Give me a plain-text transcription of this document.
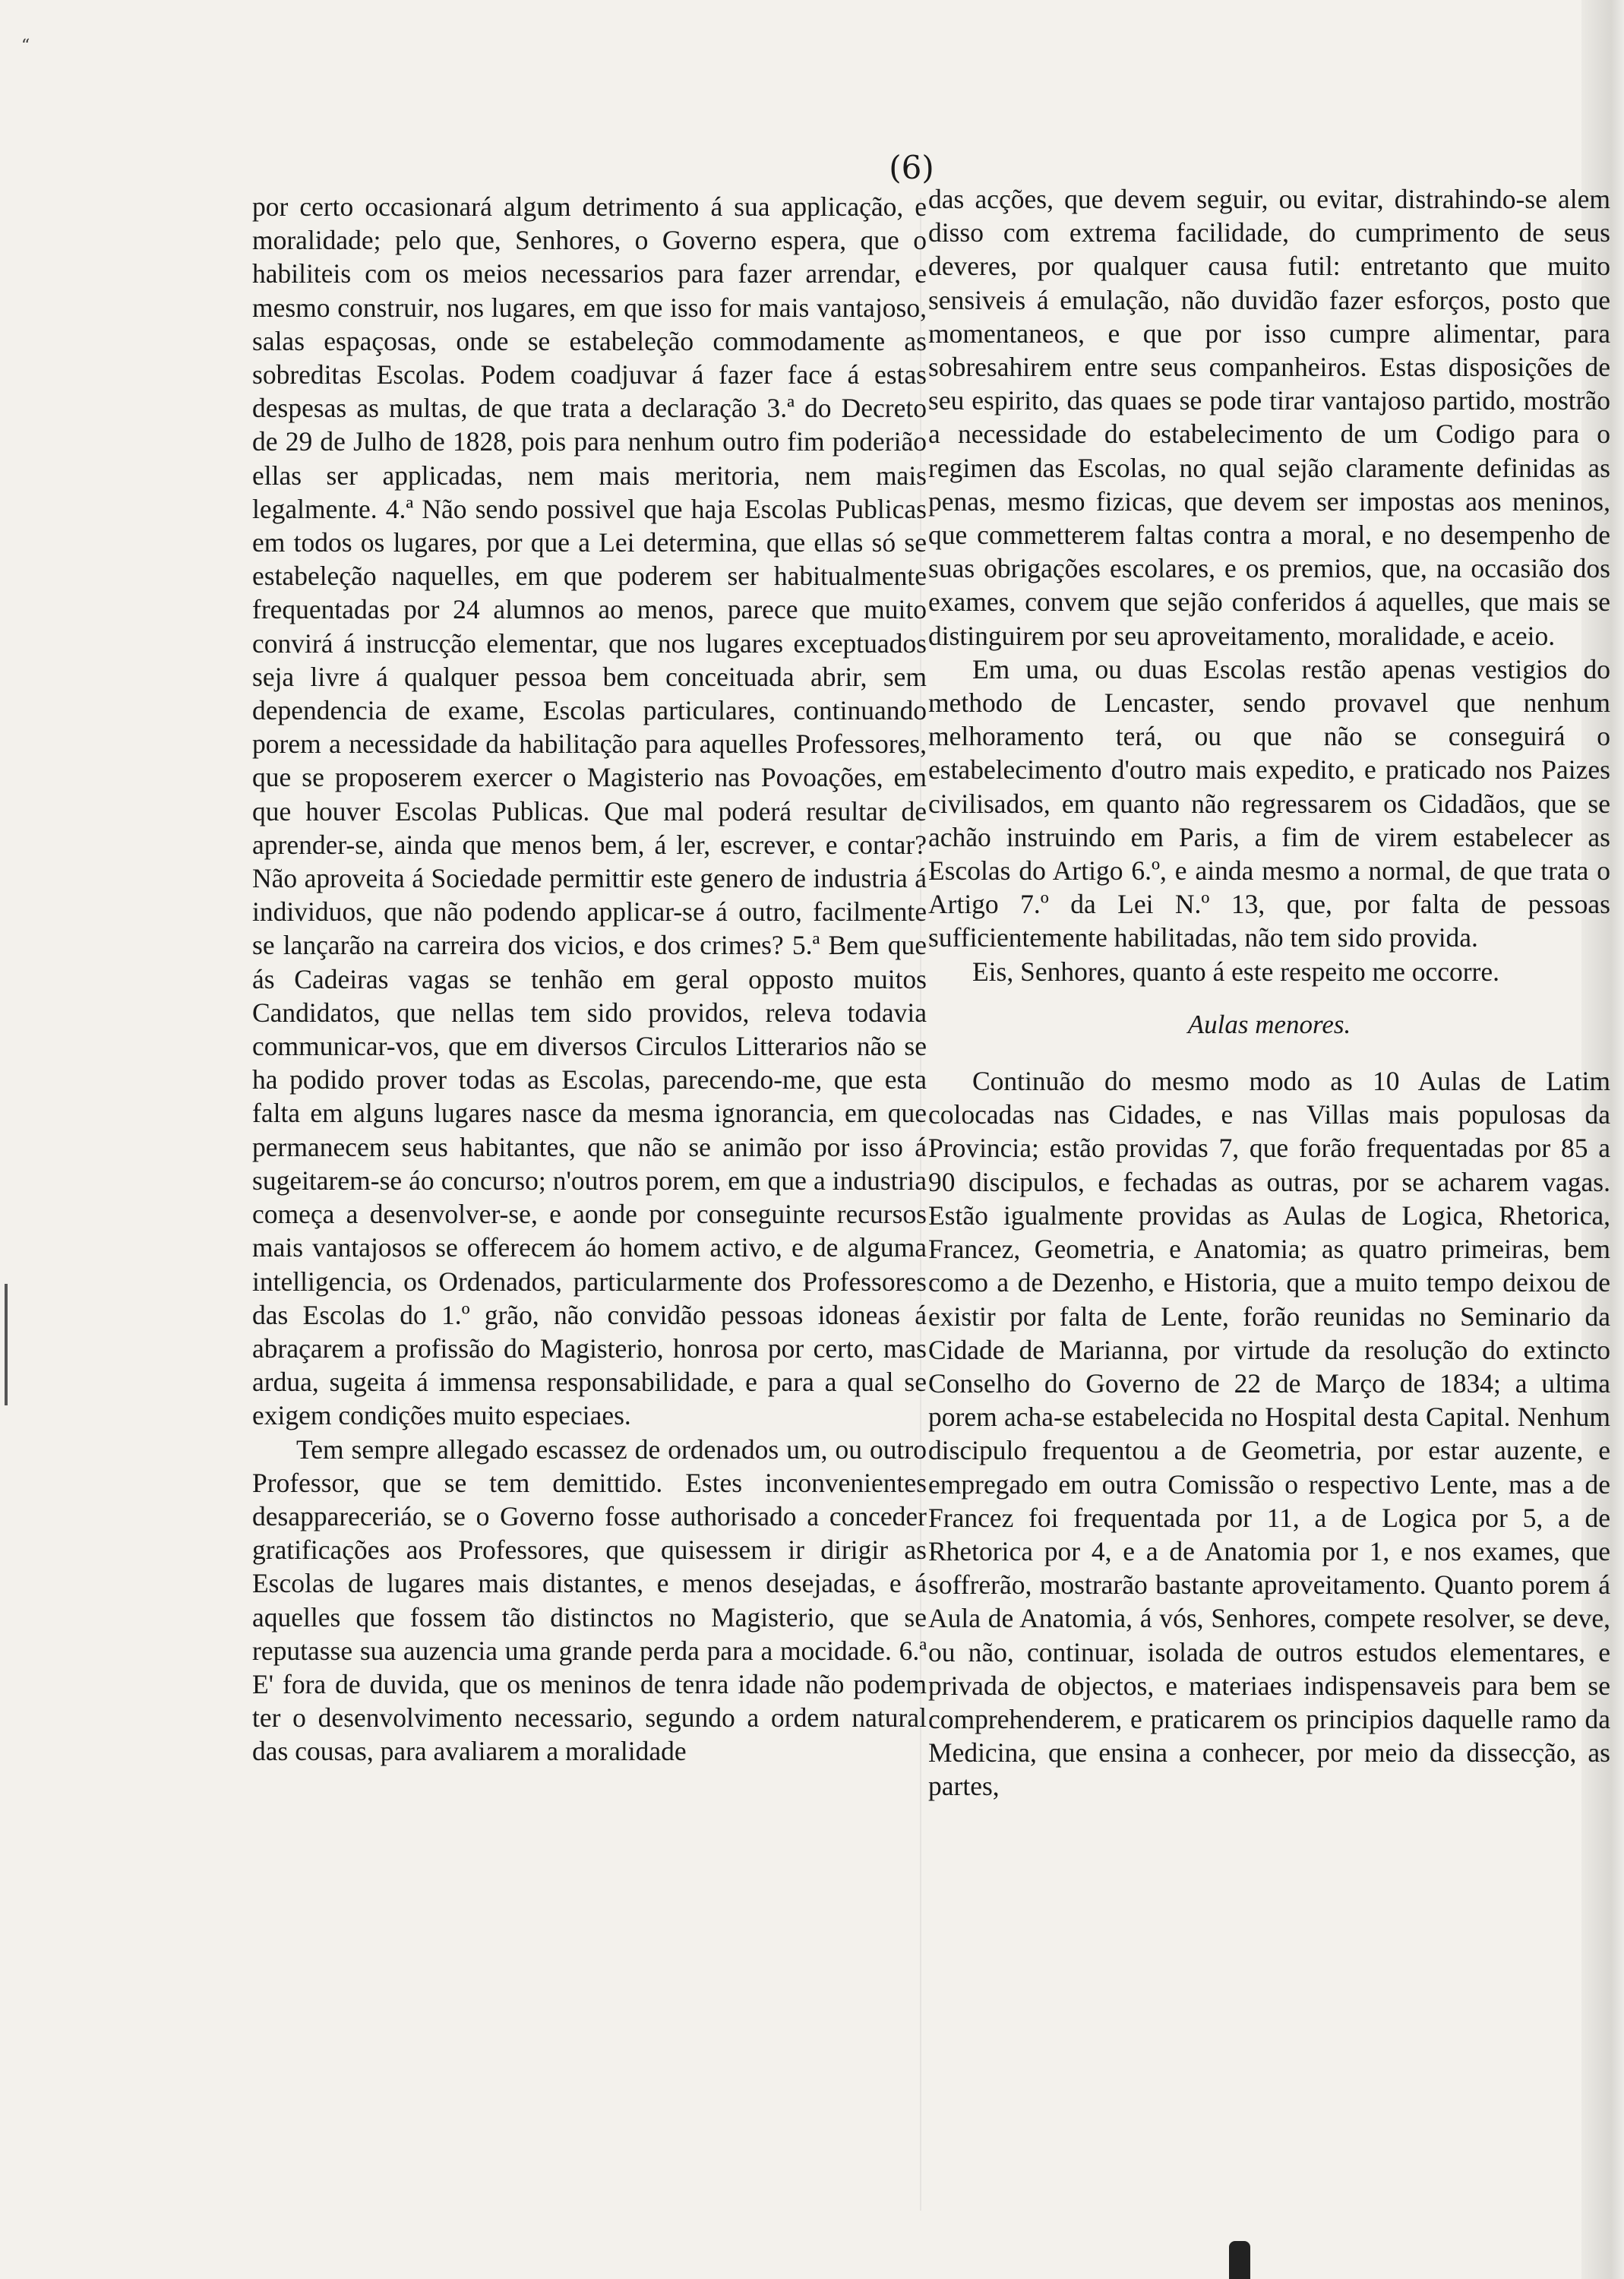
“
(6)

por certo occasionará algum detrimento á sua applicação, e moralidade; pelo que, Senhores, o Governo espera, que o habilitеis com os meios necessarios para fazer arrendar, e mesmo construir, nos lugares, em que isso for mais vantajoso, salas espaçosas, onde se estabeleção commodamente as sobreditas Escolas. Podem coadjuvar á fazer face á estas despesas as multas, de que trata a declaração 3.ª do Decreto de 29 de Julho de 1828, pois para nenhum outro fim poderião ellas ser applicadas, nem mais meritoria, nem mais legalmente. 4.ª Não sendo possivel que haja Escolas Publicas em todos os lugares, por que a Lei determina, que ellas só se estabeleção naquelles, em que poderem ser habitualmente frequentadas por 24 alumnos ao menos, parece que muito convirá á instrucção elementar, que nos lugares exceptuados seja livre á qualquer pessoa bem conceituada abrir, sem dependencia de exame, Escolas particulares, continuando porem a necessidade da habilitação para aquelles Professores, que se proposerem exercer o Magisterio nas Povoações, em que houver Escolas Publicas. Que mal poderá resultar de aprender-se, ainda que menos bem, á ler, escrever, e contar? Não aproveita á Sociedade permittir este genero de industria á individuos, que não podendo applicar-se á outro, facilmente se lançarão na carreira dos vicios, e dos crimes? 5.ª Bem que ás Cadeiras vagas se tenhão em geral opposto muitos Candidatos, que nellas tem sido providos, releva todavia communicar-vos, que em diversos Circulos Litterarios não se ha podido prover todas as Escolas, parecendo-me, que esta falta em alguns lugares nasce da mesma ignorancia, em que permanecem seus habitantes, que não se animão por isso á sugeitarem-se áo concurso; n'outros porem, em que a industria começa a desenvolver-se, e aonde por conseguinte recursos mais vantajosos se offerecem áo homem activo, e de alguma intelligencia, os Ordenados, particularmente dos Professores das Escolas do 1.º grão, não convidão pessoas idoneas á abraçarem a profissão do Magisterio, honrosa por certo, mas ardua, sugeita á immensa responsabilidade, e para a qual se exigem condições muito especiaes.

Tem sempre allegado escassez de ordenados um, ou outro Professor, que se tem demittido. Estes inconvenientes desappareceriáo, se o Governo fosse authorisado a conceder gratificações aos Professores, que quisessem ir dirigir as Escolas de lugares mais distantes, e menos desejadas, e á aquelles que fossem tão distinctos no Magisterio, que se reputasse sua auzencia uma grande perda para a mocidade. 6.ª E' fora de duvida, que os meninos de tenra idade não podem ter o desenvolvimento necessario, segundo a ordem natural das cousas, para avaliarem a moralidade

das acções, que devem seguir, ou evitar, distrahindo-se alem disso com extrema facilidade, do cumprimento de seus deveres, por qualquer causa futil: entretanto que muito sensiveis á emulação, não duvidão fazer esforços, posto que momentaneos, e que por isso cumpre alimentar, para sobresahirem entre seus companheiros. Estas disposições de seu espirito, das quaes se pode tirar vantajoso partido, mostrão a necessidade do estabelecimento de um Codigo para o regimen das Escolas, no qual sejão claramente definidas as penas, mesmo fizicas, que devem ser impostas aos meninos, que commetterem faltas contra a moral, e no desempenho de suas obrigações escolares, e os premios, que, na occasião dos exames, convem que sejão conferidos á aquelles, que mais se distinguirem por seu aproveitamento, moralidade, e aceio.

Em uma, ou duas Escolas restão apenas vestigios do methodo de Lencaster, sendo provavel que nenhum melhoramento terá, ou que não se conseguirá o estabelecimento d'outro mais expedito, e praticado nos Paizes civilisados, em quanto não regressarem os Cidadãos, que se achão instruindo em Paris, a fim de virem estabelecer as Escolas do Artigo 6.º, e ainda mesmo a normal, de que trata o Artigo 7.º da Lei N.º 13, que, por falta de pessoas sufficientemente habilitadas, não tem sido provida.

Eis, Senhores, quanto á este respeito me occorre.

Aulas menores.

Continuão do mesmo modo as 10 Aulas de Latim colocadas nas Cidades, e nas Villas mais populosas da Provincia; estão providas 7, que forão frequentadas por 85 a 90 discipulos, e fechadas as outras, por se acharem vagas. Estão igualmente providas as Aulas de Logica, Rhetorica, Francez, Geometria, e Anatomia; as quatro primeiras, bem como a de Dezenho, e Historia, que a muito tempo deixou de existir por falta de Lente, forão reunidas no Seminario da Cidade de Marianna, por virtude da resolução do extincto Conselho do Governo de 22 de Março de 1834; a ultima porem acha-se estabelecida no Hospital desta Capital. Nenhum discipulo frequentou a de Geometria, por estar auzente, e empregado em outra Comissão o respectivo Lente, mas a de Francez foi frequentada por 11, a de Logica por 5, a de Rhetorica por 4, e a de Anatomia por 1, e nos exames, que soffrerão, mostrarão bastante aproveitamento. Quanto porem á Aula de Anatomia, á vós, Senhores, compete resolver, se deve, ou não, continuar, isolada de outros estudos elementares, e privada de objectos, e materiaes indispensaveis para bem se comprehenderem, e praticarem os principios daquelle ramo da Medicina, que ensina a conhecer, por meio da dissecção, as partes,
